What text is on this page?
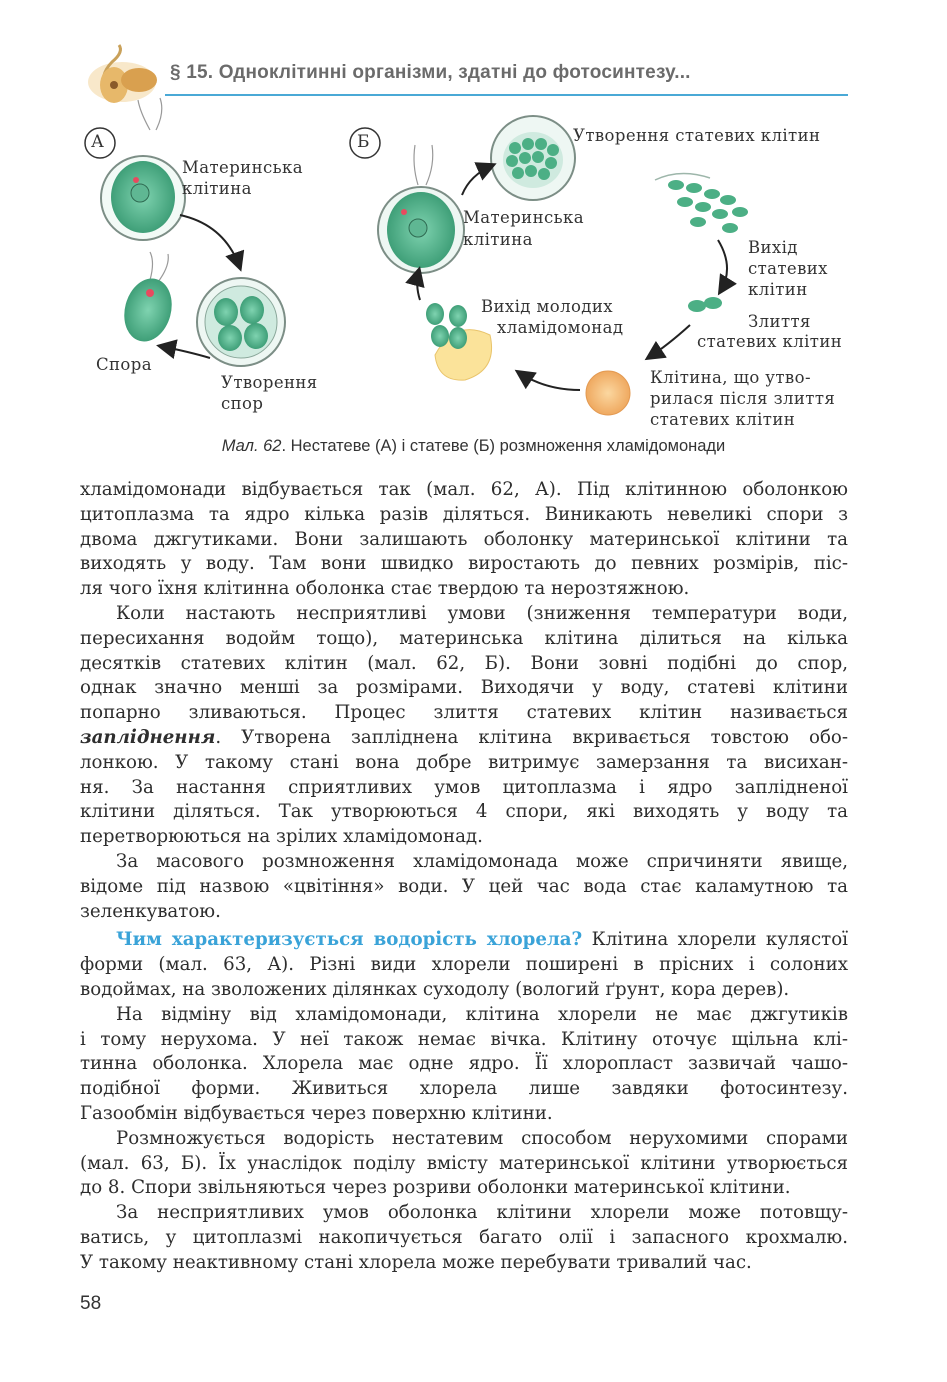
§ 15. Одноклітинні організми, здатні до фотосинтезу...
А	Б
Материнська
клітина
Спора
Утворення
спор
Утворення статевих клітин
Материнська
клітина	Вихід
статевих
клітин
Злиття
статевих клітин
Вихід молодих
хламідомонад
Клітина, що утво-
рилася після злиття
статевих клітин
Мал. 62. Нестатеве (А) і статеве (Б) розмноження хламідомонади

хламідомонади відбувається так (мал. 62, А). Під клітинною оболонкою

цитоплазма та ядро кілька разів діляться. Виникають невеликі спори з

двома джгутиками. Вони залишають оболонку материнської клітини та

виходять у воду. Там вони швидко виростають до певних розмірів, піс-

ля чого їхня клітинна оболонка стає твердою та нерозтяжною.

Коли настають несприятливі умови (зниження температури води,

пересихання водойм тощо), материнська клітина ділиться на кілька

десятків статевих клітин (мал. 62, Б). Вони зовні подібні до спор,

однак значно менші за розмірами. Виходячи у воду, статеві клітини

попарно зливаються. Процес злиття статевих клітин називається

запліднення. Утворена запліднена клітина вкривається товстою обо-

лонкою. У такому стані вона добре витримує замерзання та висихан-

ня. За настання сприятливих умов цитоплазма і ядро заплідненої

клітини діляться. Так утворюються 4 спори, які виходять у воду та

перетворюються на зрілих хламідомонад.

За масового розмноження хламідомонада може спричиняти явище,

відоме під назвою «цвітіння» води. У цей час вода стає каламутною та

зеленкуватою.

Чим характеризується водорість хлорела? Клітина хлорели кулястої

форми (мал. 63, А). Різні види хлорели поширені в прісних і солоних

водоймах, на зволожених ділянках суходолу (вологий ґрунт, кора дерев).

На відміну від хламідомонади, клітина хлорели не має джгутиків

і тому нерухома. У неї також немає вічка. Клітину оточує щільна клі-

тинна оболонка. Хлорела має одне ядро. Її хлоропласт зазвичай чашо-

подібної форми. Живиться хлорела лише завдяки фотосинтезу.

Газообмін відбувається через поверхню клітини.

Розмножується водорість нестатевим способом нерухомими спорами

(мал. 63, Б). Їх унаслідок поділу вмісту материнської клітини утворюється

до 8. Спори звільняються через розриви оболонки материнської клітини.

За несприятливих умов оболонка клітини хлорели може потовщу-

ватись, у цитоплазмі накопичується багато олії і запасного крохмалю.

У такому неактивному стані хлорела може перебувати тривалий час.

58
